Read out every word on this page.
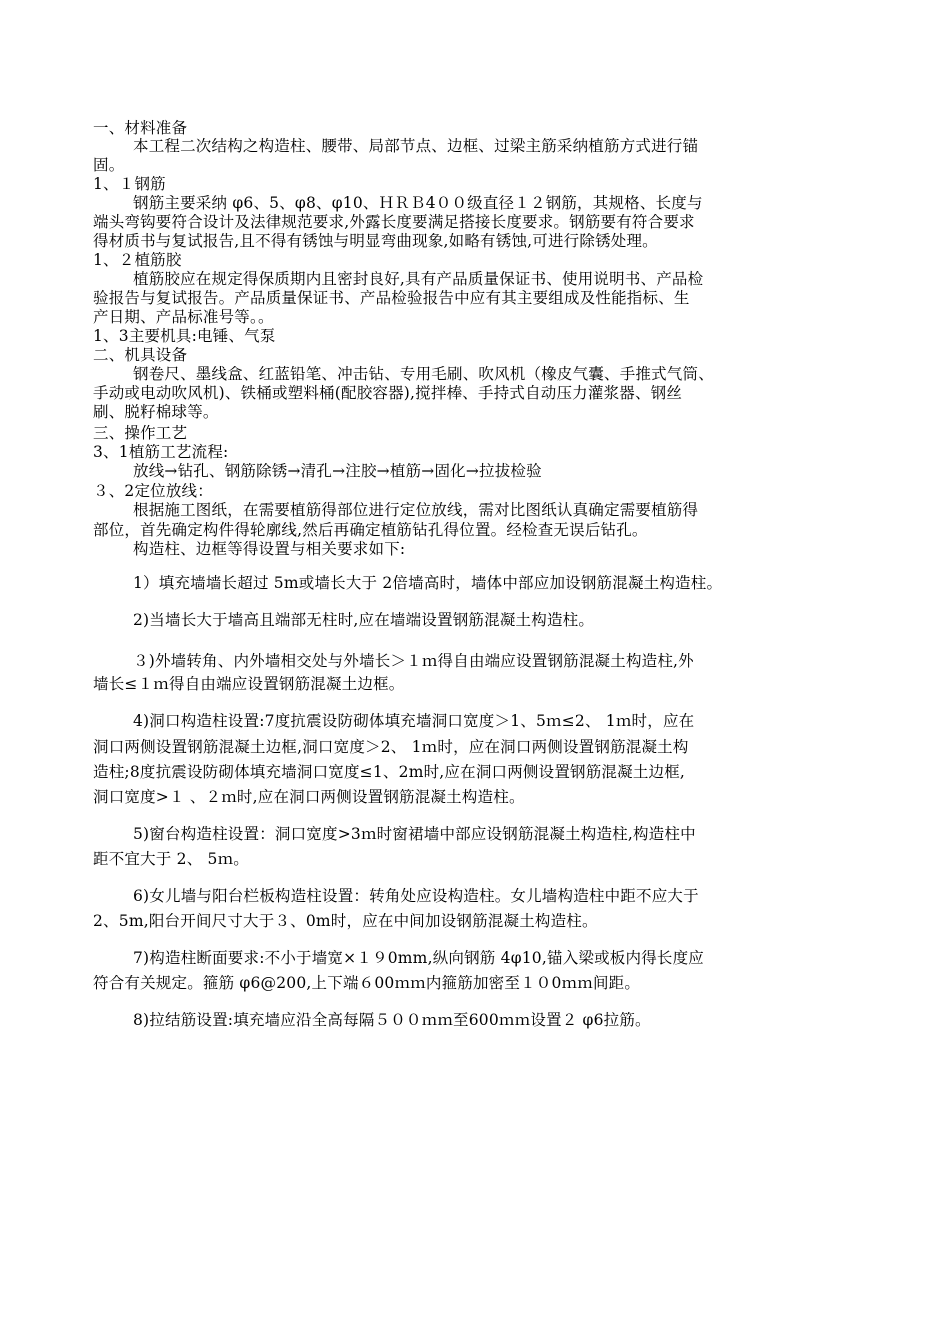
一、材料准备
本工程二次结构之构造柱、腰带、局部节点、边框、过梁主筋采纳植筋方式进行锚
固。
1、１钢筋
钢筋主要采纳 φ6、5、φ8、φ10、ＨＲＢ4００级直径１２钢筋，其规格、长度与
端头弯钩要符合设计及法律规范要求,外露长度要满足搭接长度要求。钢筋要有符合要求
得材质书与复试报告,且不得有锈蚀与明显弯曲现象,如略有锈蚀,可进行除锈处理。
1、２植筋胶
植筋胶应在规定得保质期内且密封良好,具有产品质量保证书、使用说明书、产品检
验报告与复试报告。产品质量保证书、产品检验报告中应有其主要组成及性能指标、生
产日期、产品标准号等。。
1、3主要机具:电锤、气泵
二、机具设备
钢卷尺、墨线盒、红蓝铅笔、冲击钻、专用毛刷、吹风机（橡皮气囊、手推式气筒、
手动或电动吹风机)、铁桶或塑料桶(配胶容器),搅拌棒、手持式自动压力灌浆器、钢丝
刷、脱籽棉球等。
三、操作工艺
3、1植筋工艺流程:
放线→钻孔、钢筋除锈→清孔→注胶→植筋→固化→拉拔检验
３、2定位放线：
根据施工图纸，在需要植筋得部位进行定位放线，需对比图纸认真确定需要植筋得
部位，首先确定构件得轮廓线,然后再确定植筋钻孔得位置。经检查无误后钻孔。
构造柱、边框等得设置与相关要求如下:
1）填充墙墙长超过 5m或墙长大于 2倍墙高时，墙体中部应加设钢筋混凝土构造柱。
2)当墙长大于墙高且端部无柱时,应在墙端设置钢筋混凝土构造柱。
３)外墙转角、内外墙相交处与外墙长＞１ｍ得自由端应设置钢筋混凝土构造柱,外
墙长≤１ｍ得自由端应设置钢筋混凝土边框。
4)洞口构造柱设置:7度抗震设防砌体填充墙洞口宽度＞1、5ｍ≤2、 1ｍ时，应在
洞口两侧设置钢筋混凝土边框,洞口宽度＞2、 1ｍ时，应在洞口两侧设置钢筋混凝土构
造柱;8度抗震设防砌体填充墙洞口宽度≤1、2m时,应在洞口两侧设置钢筋混凝土边框,
洞口宽度>１ 、２ｍ时,应在洞口两侧设置钢筋混凝土构造柱。
5)窗台构造柱设置：洞口宽度>3ｍ时窗裙墙中部应设钢筋混凝土构造柱,构造柱中
距不宜大于 2、 5ｍ。
6)女儿墙与阳台栏板构造柱设置：转角处应设构造柱。女儿墙构造柱中距不应大于
2、5m,阳台开间尺寸大于３、0m时，应在中间加设钢筋混凝土构造柱。
7)构造柱断面要求:不小于墙宽×１９0mm,纵向钢筋 4φ10,锚入梁或板内得长度应
符合有关规定。箍筋 φ6@200,上下端６00ｍｍ内箍筋加密至１０0ｍｍ间距。
8)拉结筋设置:填充墙应沿全高每隔５００ｍｍ至600ｍｍ设置２ φ6拉筋。
